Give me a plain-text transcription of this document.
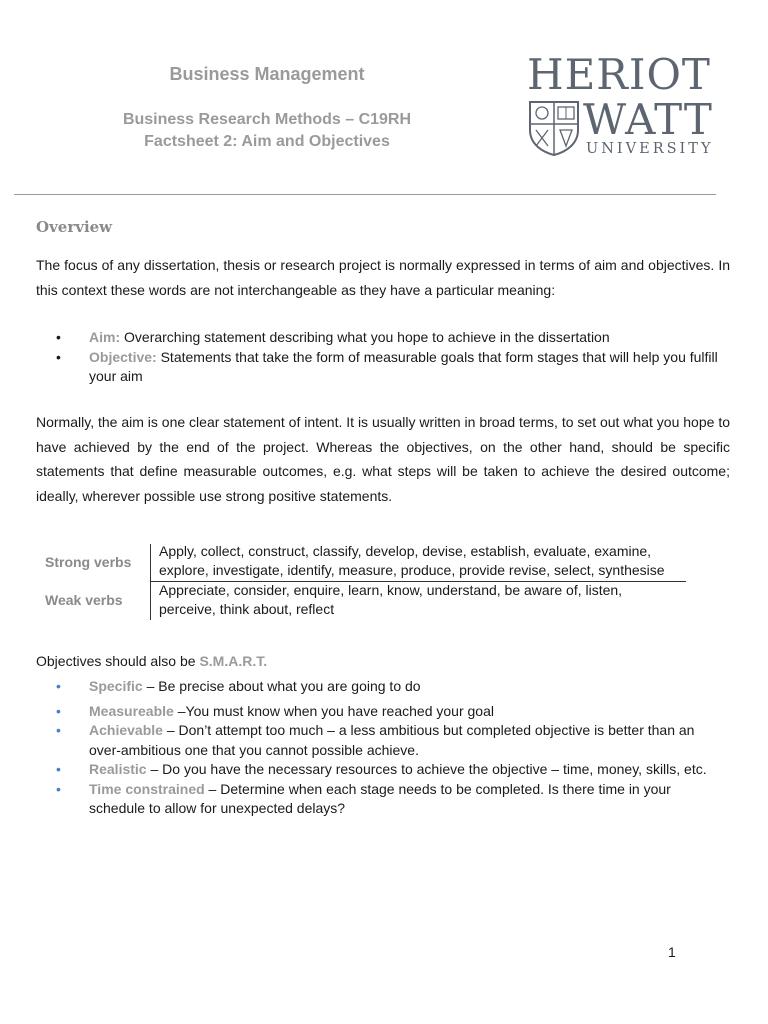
Business Management
Business Research Methods – C19RH
Factsheet 2: Aim and Objectives
HERIOT
WATT
UNIVERSITY
Overview
The focus of any dissertation, thesis or research project is normally expressed in terms of aim and objectives. In this context these words are not interchangeable as they have a particular meaning:
• Aim: Overarching statement describing what you hope to achieve in the dissertation
• Objective: Statements that take the form of measurable goals that form stages that will help you fulfill your aim
Normally, the aim is one clear statement of intent. It is usually written in broad terms, to set out what you hope to have achieved by the end of the project. Whereas the objectives, on the other hand, should be specific statements that define measurable outcomes, e.g. what steps will be taken to achieve the desired outcome; ideally, wherever possible use strong positive statements.
Strong verbs
Apply, collect, construct, classify, develop, devise, establish, evaluate, examine, explore, investigate, identify, measure, produce, provide revise, select, synthesise
Weak verbs
Appreciate, consider, enquire, learn, know, understand, be aware of, listen, perceive, think about, reflect
Objectives should also be S.M.A.R.T.
• Specific – Be precise about what you are going to do
• Measureable –You must know when you have reached your goal
• Achievable – Don’t attempt too much – a less ambitious but completed objective is better than an over-ambitious one that you cannot possible achieve.
• Realistic – Do you have the necessary resources to achieve the objective – time, money, skills, etc.
• Time constrained – Determine when each stage needs to be completed. Is there time in your schedule to allow for unexpected delays?
1
